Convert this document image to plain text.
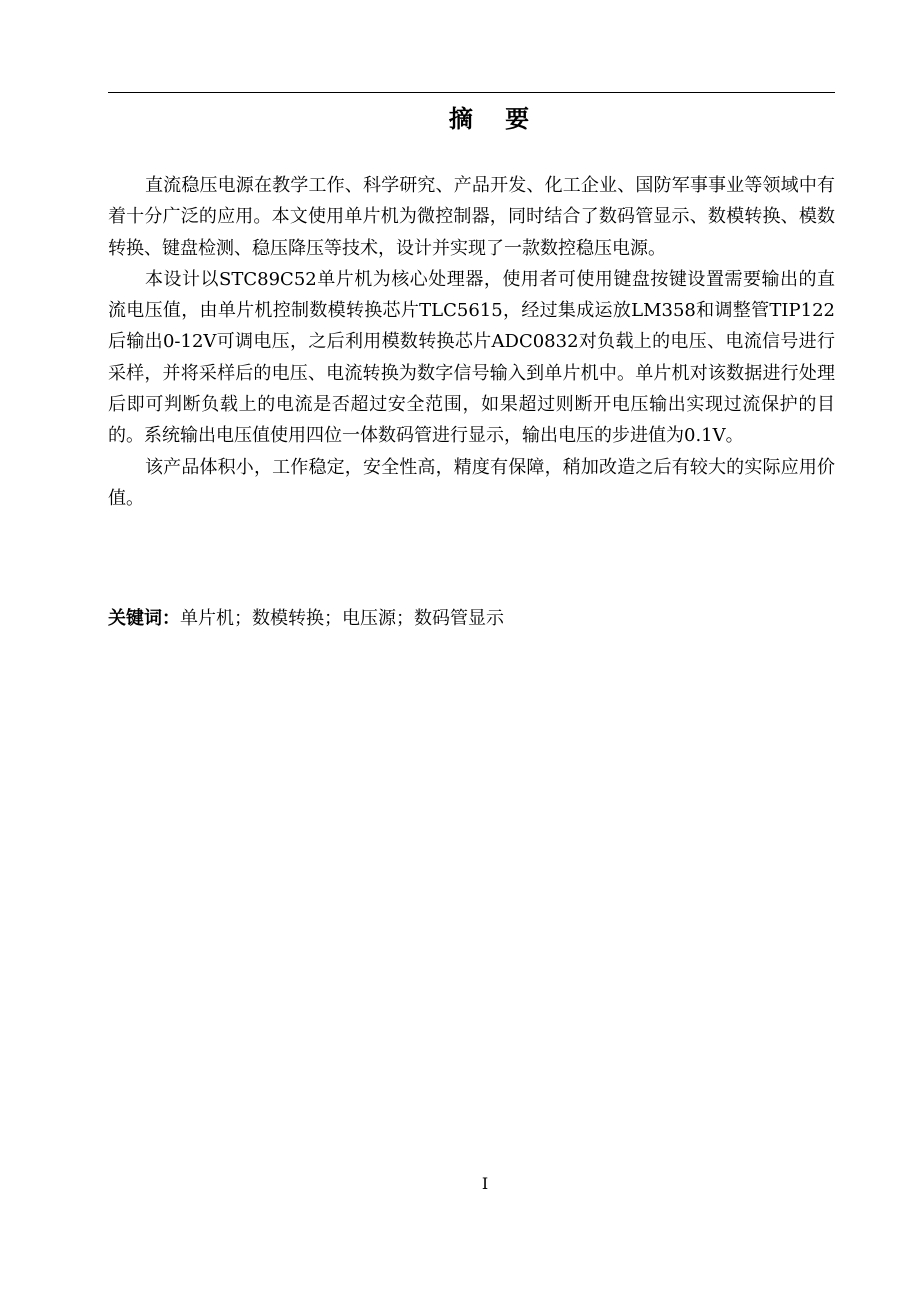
摘 要

直流稳压电源在教学工作、科学研究、产品开发、化工企业、国防军事事业等领域中有着十分广泛的应用。本文使用单片机为微控制器，同时结合了数码管显示、数模转换、模数转换、键盘检测、稳压降压等技术，设计并实现了一款数控稳压电源。

本设计以STC89C52单片机为核心处理器，使用者可使用键盘按键设置需要输出的直流电压值，由单片机控制数模转换芯片TLC5615，经过集成运放LM358和调整管TIP122后输出0-12V可调电压，之后利用模数转换芯片ADC0832对负载上的电压、电流信号进行采样，并将采样后的电压、电流转换为数字信号输入到单片机中。单片机对该数据进行处理后即可判断负载上的电流是否超过安全范围，如果超过则断开电压输出实现过流保护的目的。系统输出电压值使用四位一体数码管进行显示，输出电压的步进值为0.1V。

该产品体积小，工作稳定，安全性高，精度有保障，稍加改造之后有较大的实际应用价值。

关键词：单片机；数模转换；电压源；数码管显示
I
